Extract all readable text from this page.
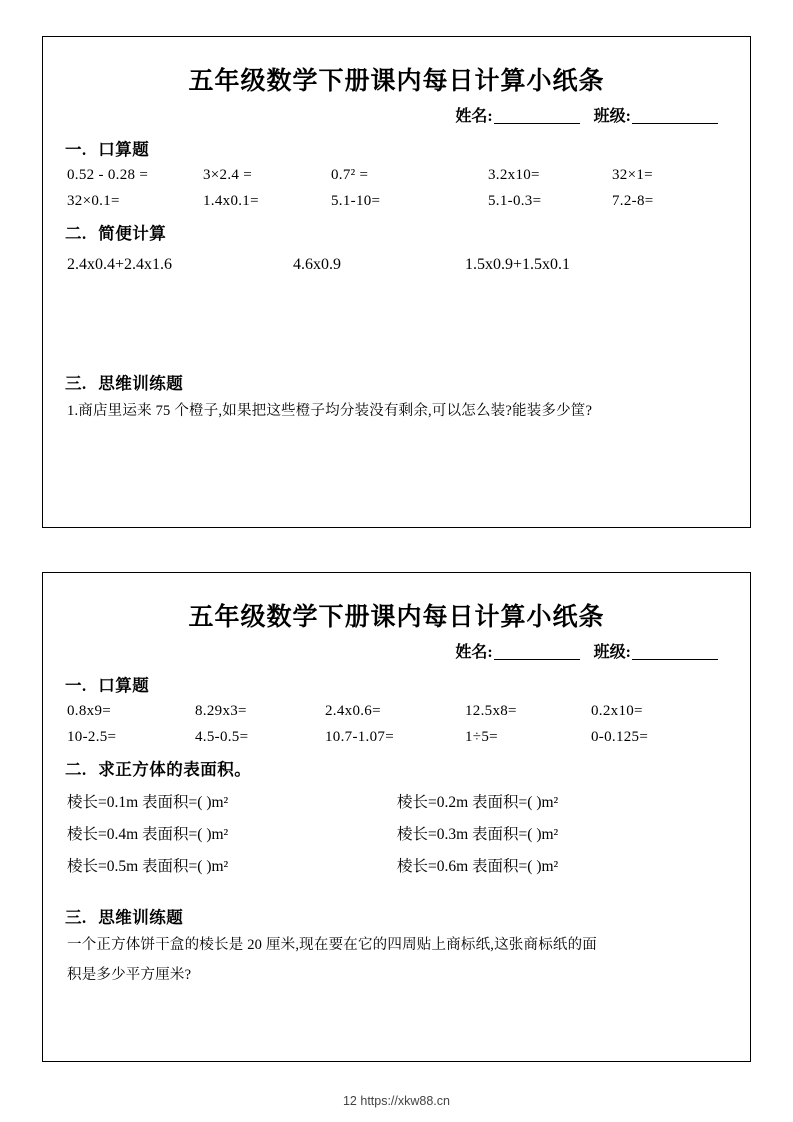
五年级数学下册课内每日计算小纸条
姓名:	班级:
一. 口算题
0.52 - 0.28 =	3×2.4 =	0.7² =	3.2x10=	32×1=
32×0.1=	1.4x0.1=	5.1-10=	5.1-0.3=	7.2-8=
二. 简便计算
2.4x0.4+2.4x1.6	4.6x0.9	1.5x0.9+1.5x0.1
三. 思维训练题
1.商店里运来 75 个橙子,如果把这些橙子均分装没有剩余,可以怎么装?能装多少筐?
五年级数学下册课内每日计算小纸条
姓名:	班级:
一. 口算题
0.8x9=	8.29x3=	2.4x0.6=	12.5x8=	0.2x10=
10-2.5=	4.5-0.5=	10.7-1.07=	1÷5=	0-0.125=
二. 求正方体的表面积。
棱长=0.1m 表面积=( )m²	棱长=0.2m 表面积=( )m²
棱长=0.4m 表面积=( )m²	棱长=0.3m 表面积=( )m²
棱长=0.5m 表面积=( )m²	棱长=0.6m 表面积=( )m²
三. 思维训练题
一个正方体饼干盒的棱长是 20 厘米,现在要在它的四周贴上商标纸,这张商标纸的面
积是多少平方厘米?
12 https://xkw88.cn
